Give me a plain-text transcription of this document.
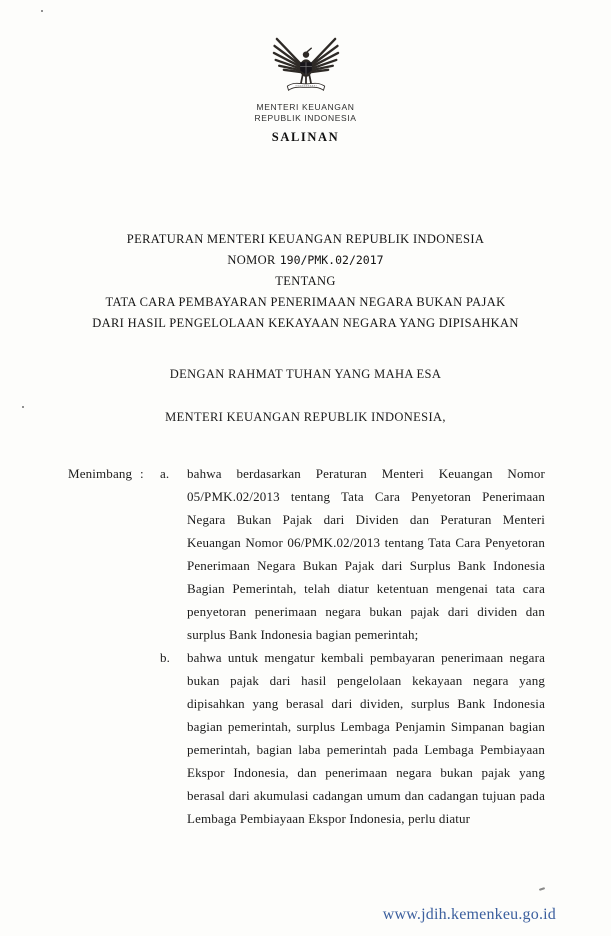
MENTERI KEUANGAN
REPUBLIK INDONESIA
SALINAN
PERATURAN MENTERI KEUANGAN REPUBLIK INDONESIA
NOMOR 190/PMK.02/2017
TENTANG
TATA CARA PEMBAYARAN PENERIMAAN NEGARA BUKAN PAJAK
DARI HASIL PENGELOLAAN KEKAYAAN NEGARA YANG DIPISAHKAN
DENGAN RAHMAT TUHAN YANG MAHA ESA
MENTERI KEUANGAN REPUBLIK INDONESIA,
Menimbang :	a.	bahwa berdasarkan Peraturan Menteri Keuangan Nomor 05/PMK.02/2013 tentang Tata Cara Penyetoran Penerimaan Negara Bukan Pajak dari Dividen dan Peraturan Menteri Keuangan Nomor 06/PMK.02/2013 tentang Tata Cara Penyetoran Penerimaan Negara Bukan Pajak dari Surplus Bank Indonesia Bagian Pemerintah, telah diatur ketentuan mengenai tata cara penyetoran penerimaan negara bukan pajak dari dividen dan surplus Bank Indonesia bagian pemerintah;
b.	bahwa untuk mengatur kembali pembayaran penerimaan negara bukan pajak dari hasil pengelolaan kekayaan negara yang dipisahkan yang berasal dari dividen, surplus Bank Indonesia bagian pemerintah, surplus Lembaga Penjamin Simpanan bagian pemerintah, bagian laba pemerintah pada Lembaga Pembiayaan Ekspor Indonesia, dan penerimaan negara bukan pajak yang berasal dari akumulasi cadangan umum dan cadangan tujuan pada Lembaga Pembiayaan Ekspor Indonesia, perlu diatur
www.jdih.kemenkeu.go.id
